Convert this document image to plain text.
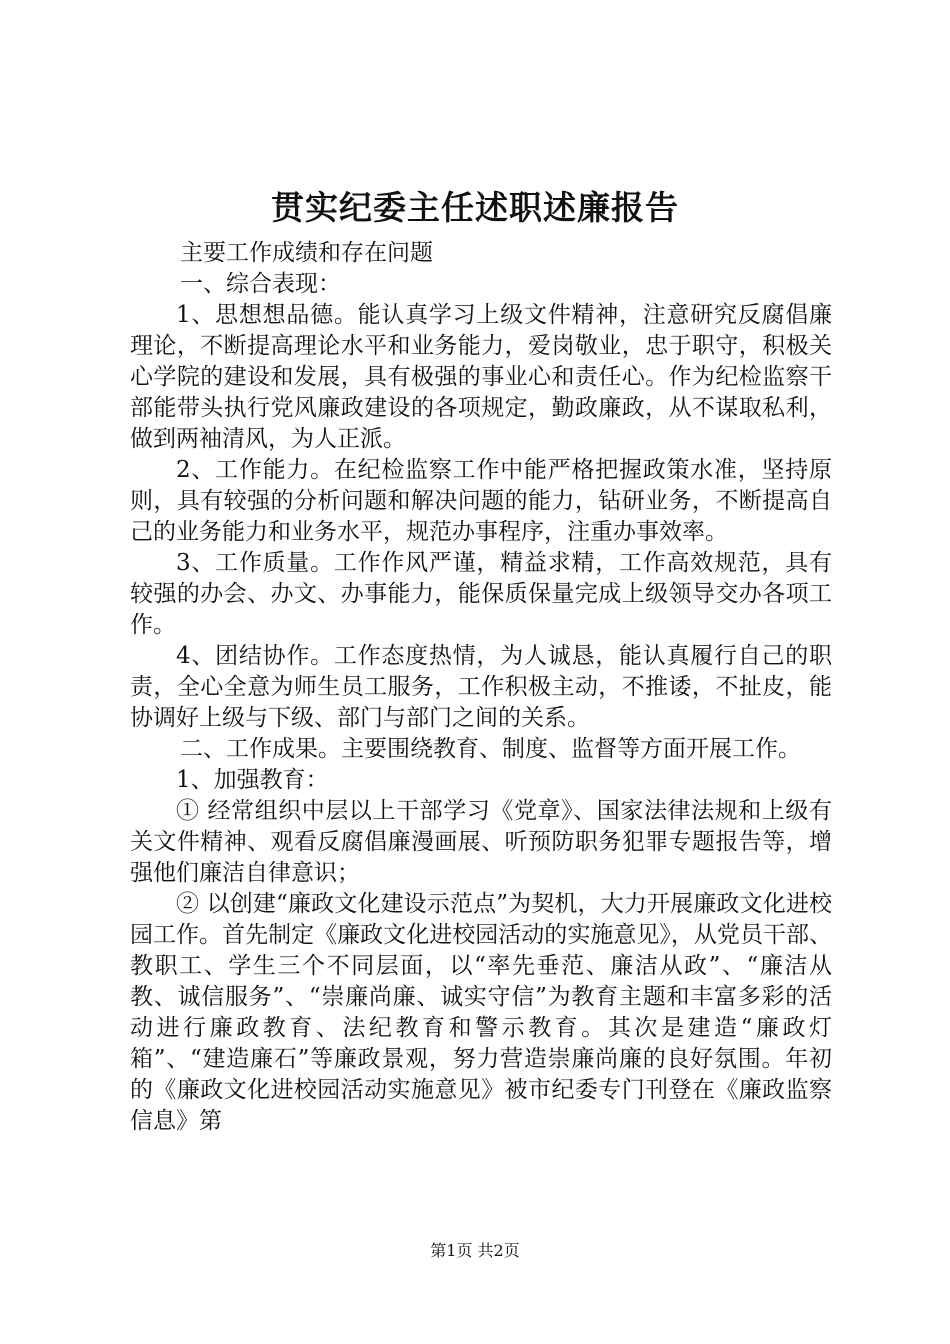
贯实纪委主任述职述廉报告

主要工作成绩和存在问题

一、综合表现：

1、思想想品德。能认真学习上级文件精神，注意研究反腐倡廉理论，不断提高理论水平和业务能力，爱岗敬业，忠于职守，积极关心学院的建设和发展，具有极强的事业心和责任心。作为纪检监察干部能带头执行党风廉政建设的各项规定，勤政廉政，从不谋取私利，做到两袖清风，为人正派。

2、工作能力。在纪检监察工作中能严格把握政策水准，坚持原则，具有较强的分析问题和解决问题的能力，钻研业务，不断提高自己的业务能力和业务水平，规范办事程序，注重办事效率。

3、工作质量。工作作风严谨，精益求精，工作高效规范，具有较强的办会、办文、办事能力，能保质保量完成上级领导交办各项工作。

4、团结协作。工作态度热情，为人诚恳，能认真履行自己的职责，全心全意为师生员工服务，工作积极主动，不推诿，不扯皮，能协调好上级与下级、部门与部门之间的关系。

二、工作成果。主要围绕教育、制度、监督等方面开展工作。

1、加强教育：

① 经常组织中层以上干部学习《党章》、国家法律法规和上级有关文件精神、观看反腐倡廉漫画展、听预防职务犯罪专题报告等，增强他们廉洁自律意识；

② 以创建“廉政文化建设示范点”为契机，大力开展廉政文化进校园工作。首先制定《廉政文化进校园活动的实施意见》，从党员干部、教职工、学生三个不同层面，以“率先垂范、廉洁从政”、“廉洁从教、诚信服务”、“崇廉尚廉、诚实守信”为教育主题和丰富多彩的活动进行廉政教育、法纪教育和警示教育。其次是建造“廉政灯箱”、“建造廉石”等廉政景观，努力营造崇廉尚廉的良好氛围。年初的《廉政文化进校园活动实施意见》被市纪委专门刊登在《廉政监察信息》第

第1页 共2页
